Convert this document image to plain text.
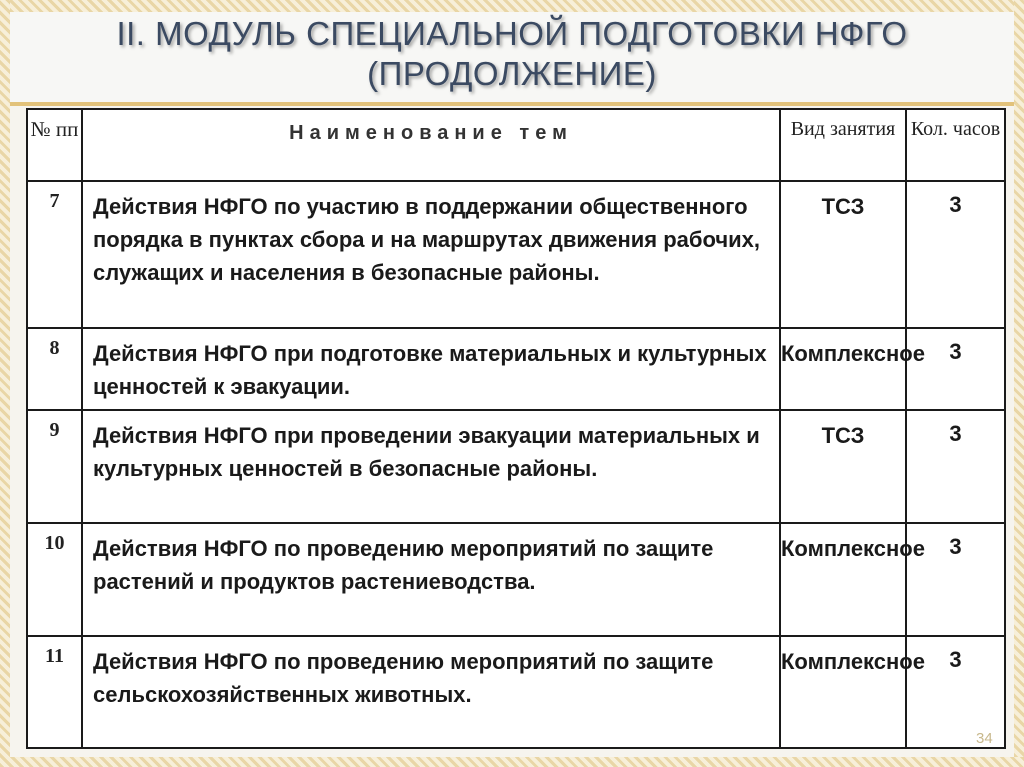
II. МОДУЛЬ СПЕЦИАЛЬНОЙ ПОДГОТОВКИ НФГО
(ПРОДОЛЖЕНИЕ)
№ пп	Наименование тем	Вид занятия	Кол. часов
7	Действия НФГО по участию в поддержании общественного порядка в пунктах сбора и на маршрутах движения рабочих, служащих и населения в безопасные районы.	ТСЗ	3
8	Действия НФГО при подготовке материальных и культурных ценностей к эвакуации.	Комплексное	3
9	Действия НФГО при проведении эвакуации материальных и культурных ценностей в безопасные районы.	ТСЗ	3
10	Действия НФГО по проведению мероприятий по защите растений и продуктов растениеводства.	Комплексное	3
11	Действия НФГО по проведению мероприятий по защите сельскохозяйственных животных.	Комплексное	3
34
